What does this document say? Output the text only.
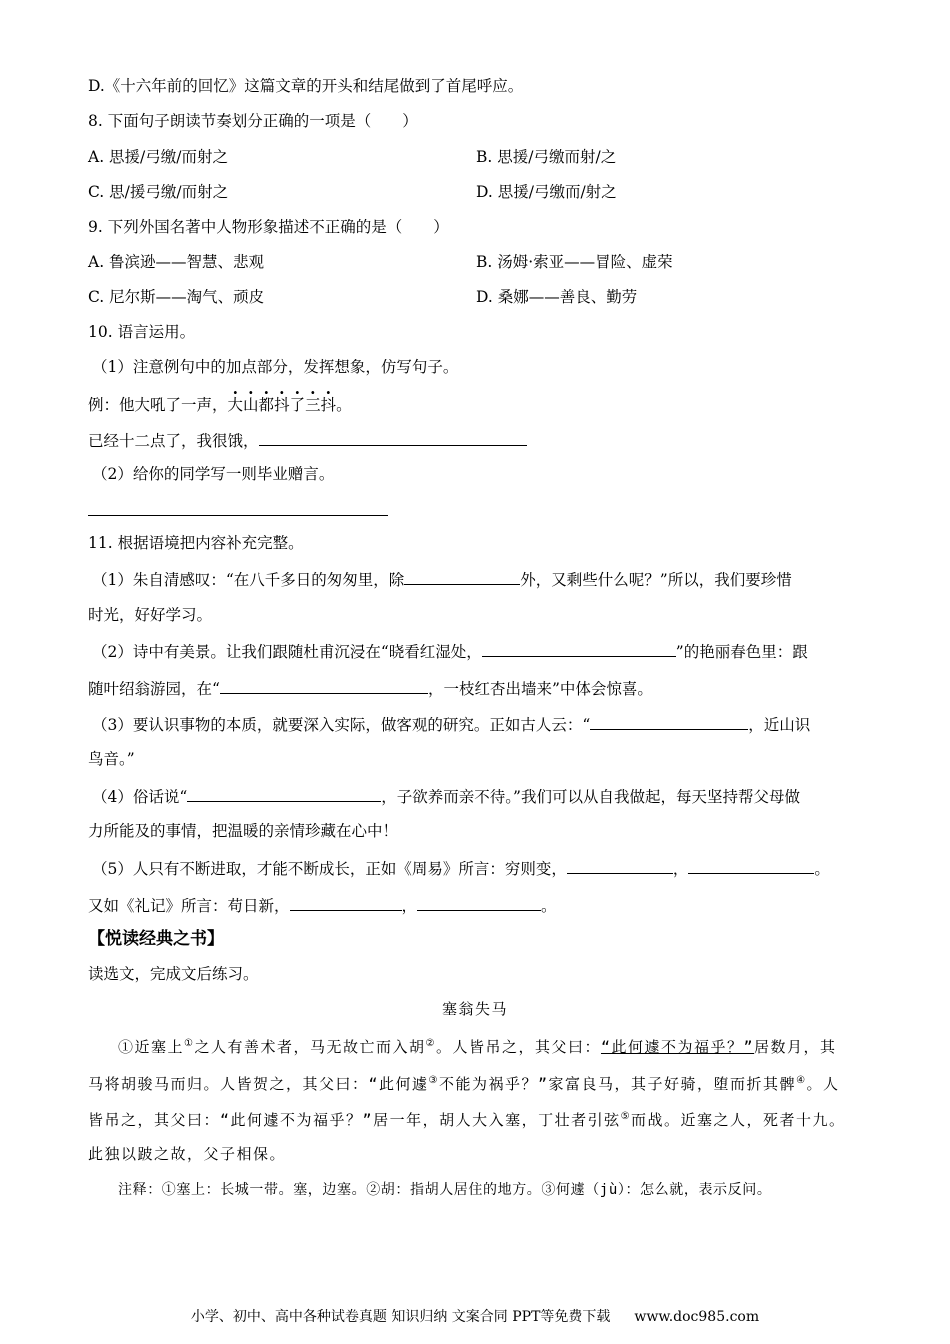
D.《十六年前的回忆》这篇文章的开头和结尾做到了首尾呼应。
8. 下面句子朗读节奏划分正确的一项是（　　）
A. 思援/弓缴/而射之	B. 思援/弓缴而射/之
C. 思/援弓缴/而射之	D. 思援/弓缴而/射之
9. 下列外国名著中人物形象描述不正确的是（　　）
A. 鲁滨逊——智慧、悲观	B. 汤姆·索亚——冒险、虚荣
C. 尼尔斯——淘气、顽皮	D. 桑娜——善良、勤劳
10. 语言运用。
（1）注意例句中的加点部分，发挥想象，仿写句子。
例：他大吼了一声，大山都抖了三抖。
已经十二点了，我很饿，
（2）给你的同学写一则毕业赠言。
11. 根据语境把内容补充完整。
（1）朱自清感叹：“在八千多日的匆匆里，除	外，又剩些什么呢？”所以，我们要珍惜
时光，好好学习。
（2）诗中有美景。让我们跟随杜甫沉浸在“晓看红湿处，	”的艳丽春色里：跟
随叶绍翁游园，在“	，一枝红杏出墙来”中体会惊喜。
（3）要认识事物的本质，就要深入实际，做客观的研究。正如古人云：“	，近山识
鸟音。”
（4）俗话说“	，子欲养而亲不待。”我们可以从自我做起，每天坚持帮父母做
力所能及的事情，把温暖的亲情珍藏在心中！
（5）人只有不断进取，才能不断成长，正如《周易》所言：穷则变，	，	。
又如《礼记》所言：苟日新，	，	。
【悦读经典之书】
读选文，完成文后练习。
塞翁失马
①近塞上①之人有善术者，马无故亡而入胡②。人皆吊之，其父曰：“此何遽不为福乎？”居数月，其
马将胡骏马而归。人皆贺之，其父曰：“此何遽③不能为祸乎？”家富良马，其子好骑，堕而折其髀④。人
皆吊之，其父曰：“此何遽不为福乎？”居一年，胡人大入塞，丁壮者引弦⑤而战。近塞之人，死者十九。
此独以跛之故，父子相保。
注释：①塞上：长城一带。塞，边塞。②胡：指胡人居住的地方。③何遽（jù）：怎么就，表示反问。
小学、初中、高中各种试卷真题 知识归纳 文案合同 PPT等免费下载 www.doc985.com
